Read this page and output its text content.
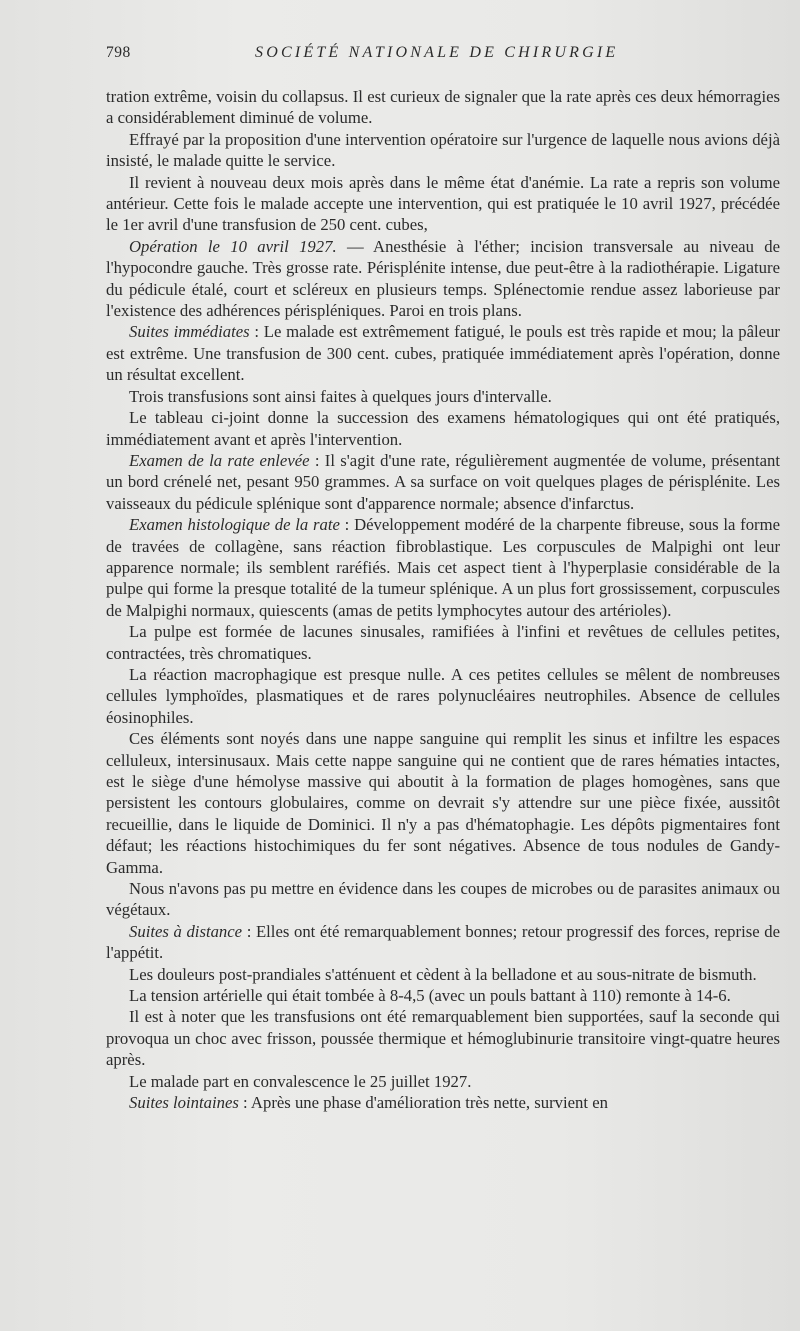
798	SOCIÉTÉ NATIONALE DE CHIRURGIE

tration extrême, voisin du collapsus. Il est curieux de signaler que la rate après ces deux hémorragies a considérablement diminué de volume.

Effrayé par la proposition d'une intervention opératoire sur l'urgence de laquelle nous avions déjà insisté, le malade quitte le service.

Il revient à nouveau deux mois après dans le même état d'anémie. La rate a repris son volume antérieur. Cette fois le malade accepte une intervention, qui est pratiquée le 10 avril 1927, précédée le 1er avril d'une transfusion de 250 cent. cubes,

Opération le 10 avril 1927. — Anesthésie à l'éther; incision transversale au niveau de l'hypocondre gauche. Très grosse rate. Périsplénite intense, due peut-être à la radiothérapie. Ligature du pédicule étalé, court et scléreux en plusieurs temps. Splénectomie rendue assez laborieuse par l'existence des adhérences périspléniques. Paroi en trois plans.

Suites immédiates : Le malade est extrêmement fatigué, le pouls est très rapide et mou; la pâleur est extrême. Une transfusion de 300 cent. cubes, pratiquée immédiatement après l'opération, donne un résultat excellent.

Trois transfusions sont ainsi faites à quelques jours d'intervalle.

Le tableau ci-joint donne la succession des examens hématologiques qui ont été pratiqués, immédiatement avant et après l'intervention.

Examen de la rate enlevée : Il s'agit d'une rate, régulièrement augmentée de volume, présentant un bord crénelé net, pesant 950 grammes. A sa surface on voit quelques plages de périsplénite. Les vaisseaux du pédicule splénique sont d'apparence normale; absence d'infarctus.

Examen histologique de la rate : Développement modéré de la charpente fibreuse, sous la forme de travées de collagène, sans réaction fibroblastique. Les corpuscules de Malpighi ont leur apparence normale; ils semblent raréfiés. Mais cet aspect tient à l'hyperplasie considérable de la pulpe qui forme la presque totalité de la tumeur splénique. A un plus fort grossissement, corpuscules de Malpighi normaux, quiescents (amas de petits lymphocytes autour des artérioles).

La pulpe est formée de lacunes sinusales, ramifiées à l'infini et revêtues de cellules petites, contractées, très chromatiques.

La réaction macrophagique est presque nulle. A ces petites cellules se mêlent de nombreuses cellules lymphoïdes, plasmatiques et de rares polynucléaires neutrophiles. Absence de cellules éosinophiles.

Ces éléments sont noyés dans une nappe sanguine qui remplit les sinus et infiltre les espaces celluleux, intersinusaux. Mais cette nappe sanguine qui ne contient que de rares hématies intactes, est le siège d'une hémolyse massive qui aboutit à la formation de plages homogènes, sans que persistent les contours globulaires, comme on devrait s'y attendre sur une pièce fixée, aussitôt recueillie, dans le liquide de Dominici. Il n'y a pas d'hématophagie. Les dépôts pigmentaires font défaut; les réactions histochimiques du fer sont négatives. Absence de tous nodules de Gandy-Gamma.

Nous n'avons pas pu mettre en évidence dans les coupes de microbes ou de parasites animaux ou végétaux.

Suites à distance : Elles ont été remarquablement bonnes; retour progressif des forces, reprise de l'appétit.

Les douleurs post-prandiales s'atténuent et cèdent à la belladone et au sous-nitrate de bismuth.

La tension artérielle qui était tombée à 8-4,5 (avec un pouls battant à 110) remonte à 14-6.

Il est à noter que les transfusions ont été remarquablement bien supportées, sauf la seconde qui provoqua un choc avec frisson, poussée thermique et hémoglubinurie transitoire vingt-quatre heures après.

Le malade part en convalescence le 25 juillet 1927.

Suites lointaines : Après une phase d'amélioration très nette, survient en
